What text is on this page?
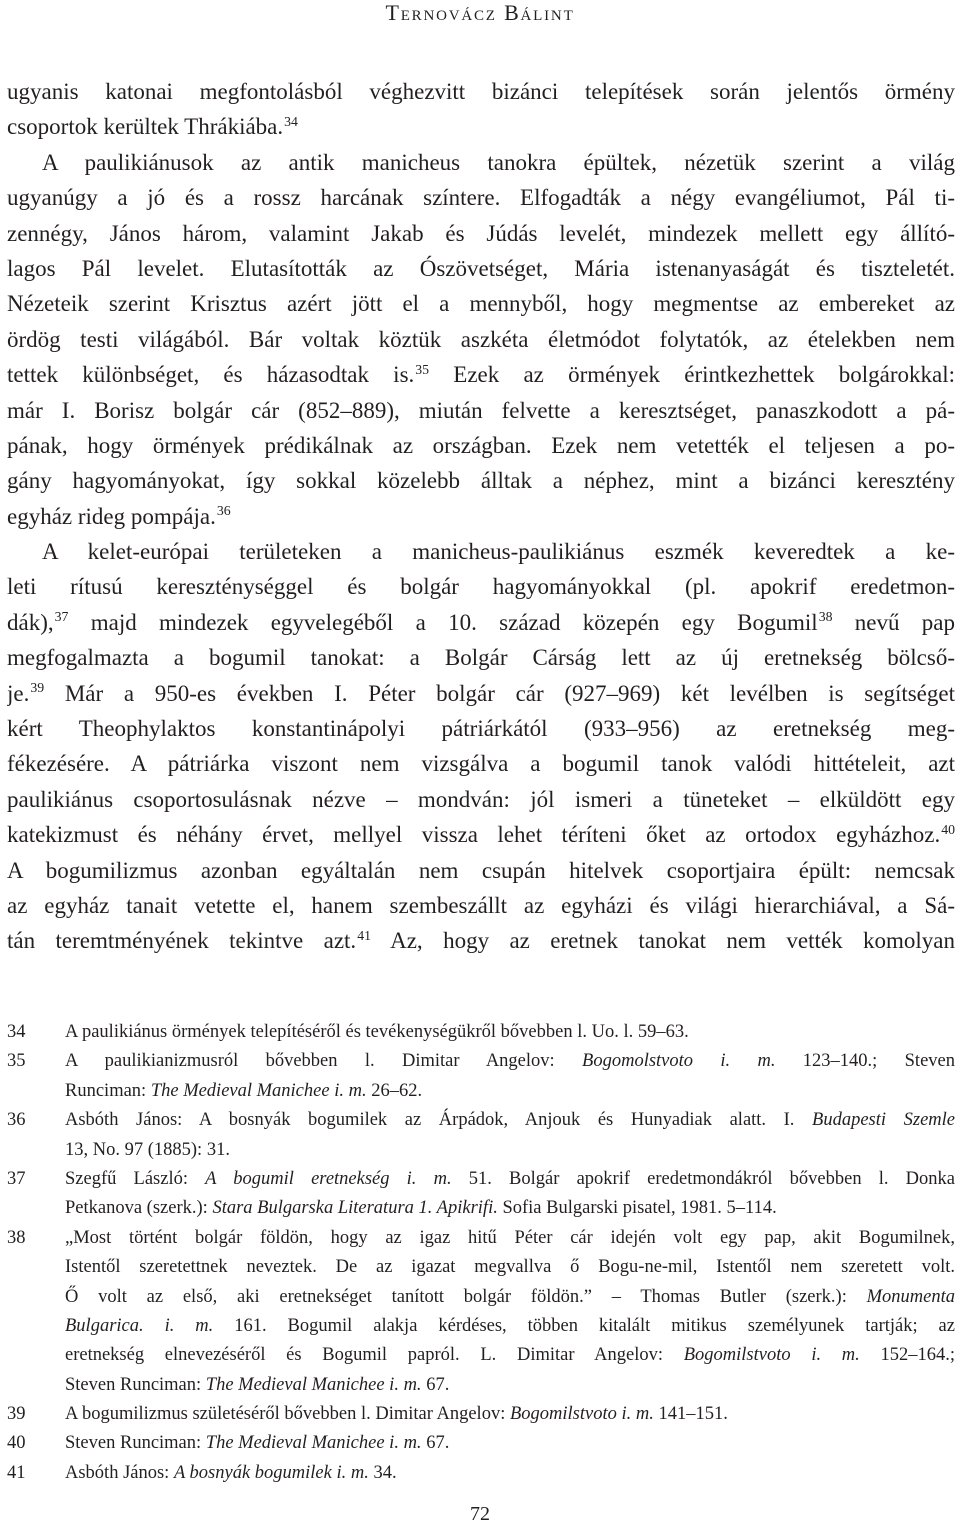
Ternovácz Bálint
ugyanis katonai megfontolásból véghezvitt bizánci telepítések során jelentős örmény
csoportok kerültek Thrákiába.$^{34}$
A paulikiánusok az antik manicheus tanokra épültek, nézetük szerint a világ
ugyanúgy a jó és a rossz harcának színtere. Elfogadták a négy evangéliumot, Pál ti-
zennégy, János három, valamint Jakab és Júdás levelét, mindezek mellett egy állító-
lagos Pál levelet. Elutasították az Ószövetséget, Mária istenanyaságát és tiszteletét.
Nézeteik szerint Krisztus azért jött el a mennyből, hogy megmentse az embereket az
ördög testi világából. Bár voltak köztük aszkéta életmódot folytatók, az ételekben nem
tettek különbséget, és házasodtak is.$^{35}$ Ezek az örmények érintkezhettek bolgárokkal:
már I. Borisz bolgár cár (852–889), miután felvette a keresztséget, panaszkodott a pá-
pának, hogy örmények prédikálnak az országban. Ezek nem vetették el teljesen a po-
gány hagyományokat, így sokkal közelebb álltak a néphez, mint a bizánci keresztény
egyház rideg pompája.$^{36}$
A kelet-európai területeken a manicheus-paulikiánus eszmék keveredtek a ke-
leti rítusú kereszténységgel és bolgár hagyományokkal (pl. apokrif eredetmon-
dák),$^{37}$ majd mindezek egyvelegéből a 10. század közepén egy Bogumil$^{38}$ nevű pap
megfogalmazta a bogumil tanokat: a Bolgár Cárság lett az új eretnekség bölcső-
je.$^{39}$ Már a 950-es években I. Péter bolgár cár (927–969) két levélben is segítséget
kért Theophylaktos konstantinápolyi pátriárkától (933–956) az eretnekség meg-
fékezésére. A pátriárka viszont nem vizsgálva a bogumil tanok valódi hittételeit, azt
paulikiánus csoportosulásnak nézve – mondván: jól ismeri a tüneteket – elküldött egy
katekizmust és néhány érvet, mellyel vissza lehet téríteni őket az ortodox egyházhoz.$^{40}$
A bogumilizmus azonban egyáltalán nem csupán hitelvek csoportjaira épült: nemcsak
az egyház tanait vetette el, hanem szembeszállt az egyházi és világi hierarchiával, a Sá-
tán teremtményének tekintve azt.$^{41}$ Az, hogy az eretnek tanokat nem vették komolyan
34	A paulikiánus örmények telepítéséről és tevékenységükről bővebben l. Uo. l. 59–63.
35	A paulikianizmusról bővebben l. Dimitar Angelov: Bogomolstvoto i. m. 123–140.; Steven
Runciman: The Medieval Manichee i. m. 26–62.
36	Asbóth János: A bosnyák bogumilek az Árpádok, Anjouk és Hunyadiak alatt. I. Budapesti Szemle
13, No. 97 (1885): 31.
37	Szegfű László: A bogumil eretnekség i. m. 51. Bolgár apokrif eredetmondákról bővebben l. Donka
Petkanova (szerk.): Stara Bulgarska Literatura 1. Apikrifi. Sofia Bulgarski pisatel, 1981. 5–114.
38	„Most történt bolgár földön, hogy az igaz hitű Péter cár idején volt egy pap, akit Bogumilnek,
Istentől szeretettnek neveztek. De az igazat megvallva ő Bogu-ne-mil, Istentől nem szeretett volt.
Ő volt az első, aki eretnekséget tanított bolgár földön.” – Thomas Butler (szerk.): Monumenta
Bulgarica. i. m. 161. Bogumil alakja kérdéses, többen kitalált mitikus személyunek tartják; az
eretnekség elnevezéséről és Bogumil papról. L. Dimitar Angelov: Bogomilstvoto i. m. 152–164.;
Steven Runciman: The Medieval Manichee i. m. 67.
39	A bogumilizmus születéséről bővebben l. Dimitar Angelov: Bogomilstvoto i. m. 141–151.
40	Steven Runciman: The Medieval Manichee i. m. 67.
41	Asbóth János: A bosnyák bogumilek i. m. 34.
72
